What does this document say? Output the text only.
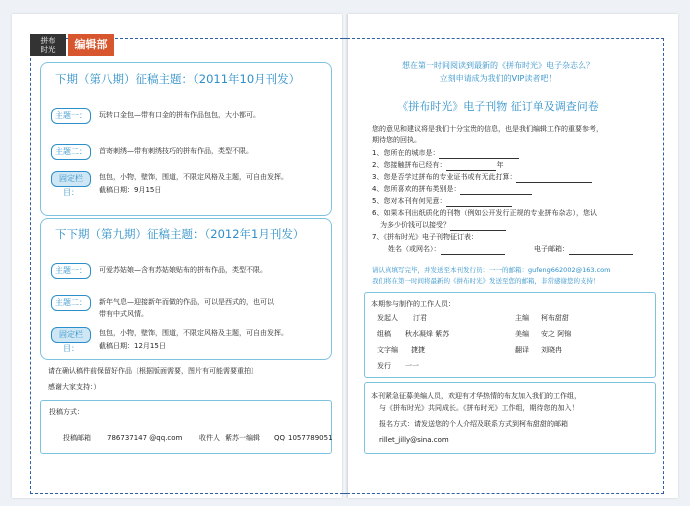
拼布
时光	编辑部
下期（第八期）征稿主题：（2011年10月刊发）
主题一：	玩转口金包—带有口金的拼布作品包包，大小都可。
主题二：	首寄刺绣—带有刺绣技巧的拼布作品，类型不限。
固定栏目：
包包，小物，壁饰，围道，不限定风格及主题，可自由发挥。
截稿日期：9月15日
下下期（第九期）征稿主题：（2012年1月刊发）
主题一：	可爱苏姑娘—含有苏姑娘贴布的拼布作品，类型不限。
主题二：	新年气息—迎接新年而做的作品，可以是西式的，也可以
带有中式风情。
固定栏目：
包包，小物，壁饰，围道，不限定风格及主题，可自由发挥。
截稿日期：12月15日
请在确认稿件前保留好作品〔根据版面需要，图片有可能需要重拍〕
感谢大家支持：）
投稿方式：
投稿邮箱 786737147 @qq.com 收件人 紫苏一编辑 QQ 1057789051
想在第一时间阅读到最新的《拼布时光》电子杂志么？
立刻申请成为我们的VIP读者吧！
《拼布时光》电子刊物 征订单及调查问卷
您的意见和建议将是我们十分宝贵的信息，也是我们编辑工作的重要参考，
期待您的回执。
1、您所在的城市是：
2、您接触拼布已经有：	年
3、您是否学过拼布的专业证书或有无此打算：
4、您所喜欢的拼布类别是：
5、您对本刊有何见意：
6、如果本刊出纸质化的刊物（例如公开发行正规的专业拼布杂志），您认
为多少价钱可以接受？
7、《拼布时光》电子刊物征订表：
姓名（或网名）：	电子邮箱：
请认真填写完毕，并发送至本刊发行员：一一的邮箱：gufeng662002@163.com
我们将在第一时间将最新的《拼布时光》发送至您的邮箱，非常感谢您的支持！
本期参与制作的工作人员：
发起人 汀君	主编 柯布甜甜
组稿 秋水凝烽 紫苏	美编 安之 阿锦
文字编 捷捷	翻译 刘晓冉
发行 一一
本刊紧急征募美编人员，欢迎有才华热情的布友加入我们的工作组，
与《拼布时光》共同成长。《拼布时光》工作组，期待您的加入！
报名方式：请发送您的个人介绍及联系方式到柯布甜甜的邮箱
rillet_jilly@sina.com
